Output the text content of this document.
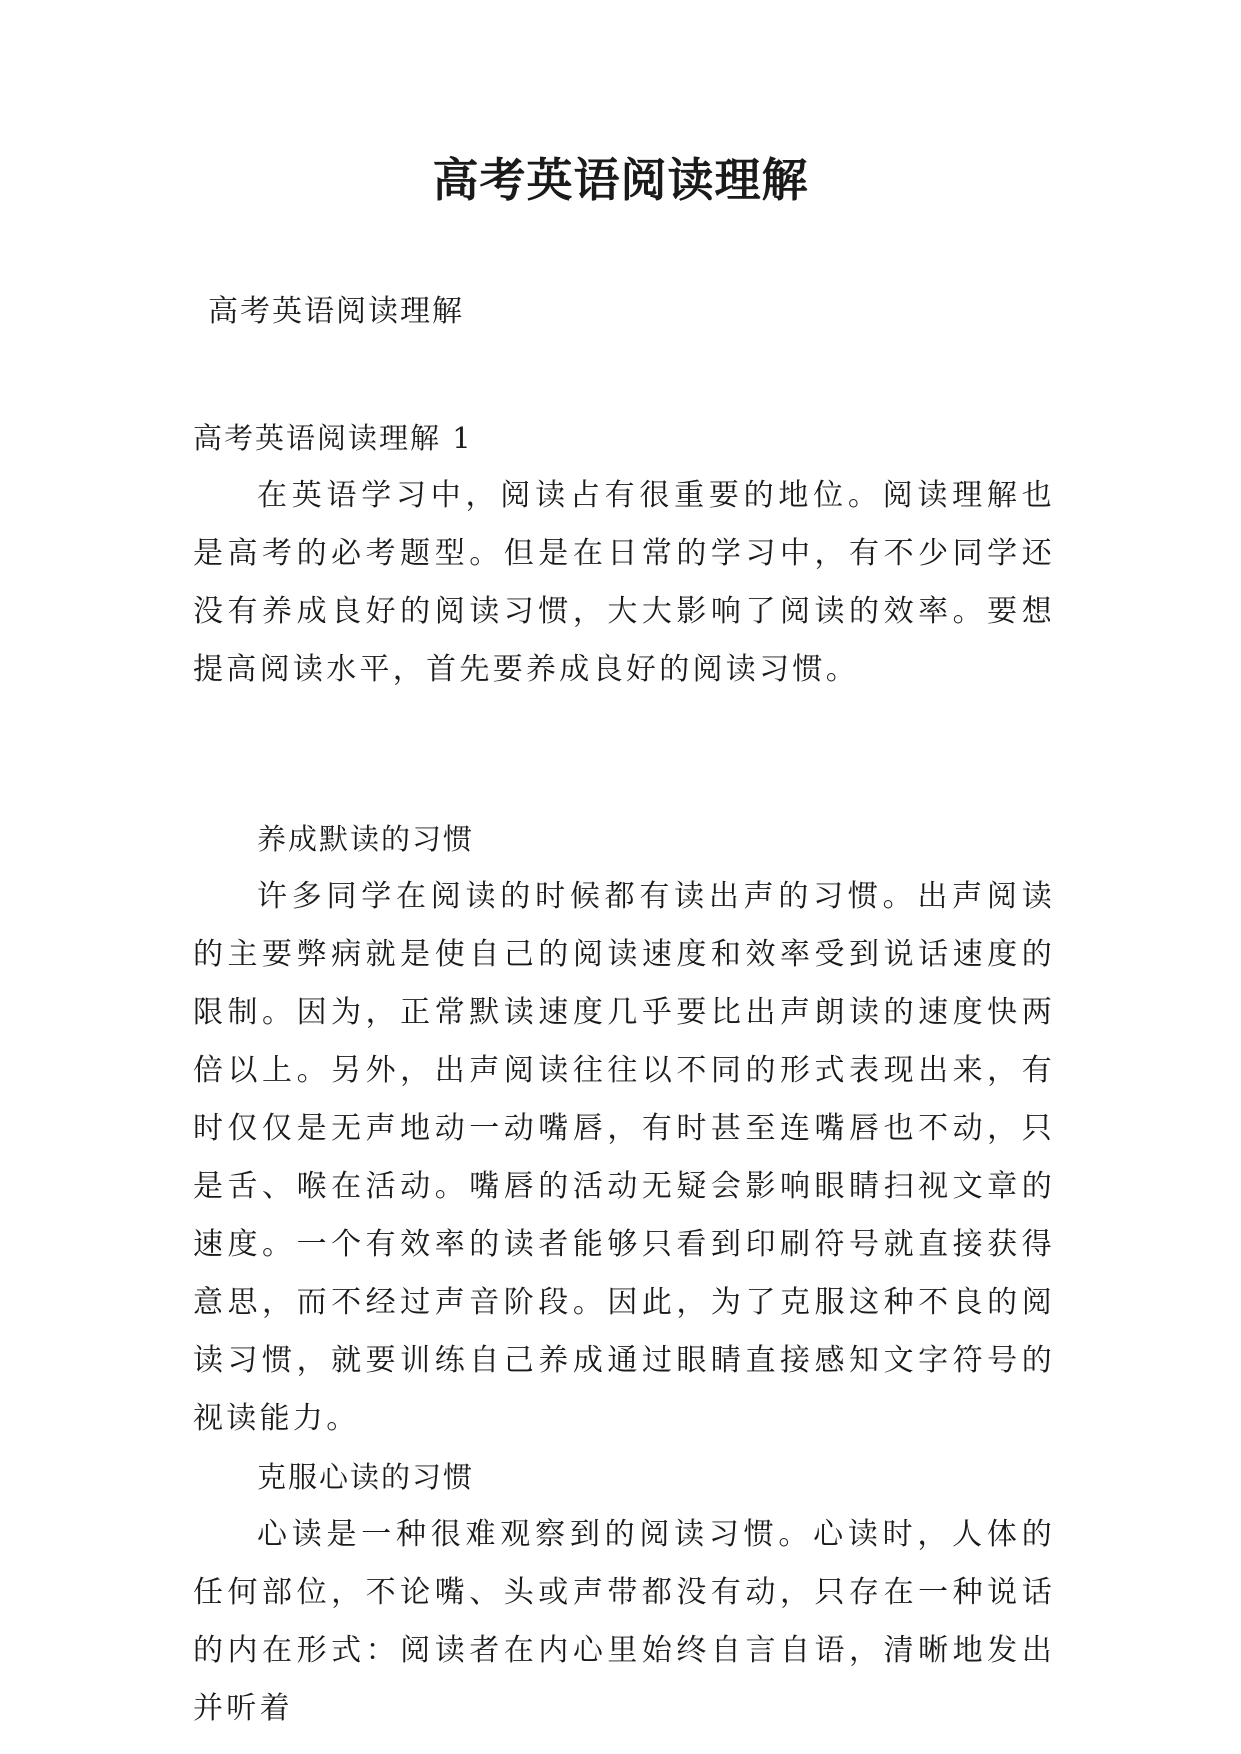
高考英语阅读理解

高考英语阅读理解

高考英语阅读理解 1

在英语学习中，阅读占有很重要的地位。阅读理解也是高考的必考题型。但是在日常的学习中，有不少同学还没有养成良好的阅读习惯，大大影响了阅读的效率。要想提高阅读水平，首先要养成良好的阅读习惯。

养成默读的习惯

许多同学在阅读的时候都有读出声的习惯。出声阅读的主要弊病就是使自己的阅读速度和效率受到说话速度的限制。因为，正常默读速度几乎要比出声朗读的速度快两倍以上。另外，出声阅读往往以不同的形式表现出来，有时仅仅是无声地动一动嘴唇，有时甚至连嘴唇也不动，只是舌、喉在活动。嘴唇的活动无疑会影响眼睛扫视文章的速度。一个有效率的读者能够只看到印刷符号就直接获得意思，而不经过声音阶段。因此，为了克服这种不良的阅读习惯，就要训练自己养成通过眼睛直接感知文字符号的视读能力。

克服心读的习惯

心读是一种很难观察到的阅读习惯。心读时，人体的任何部位，不论嘴、头或声带都没有动，只存在一种说话的内在形式：阅读者在内心里始终自言自语，清晰地发出并听着
